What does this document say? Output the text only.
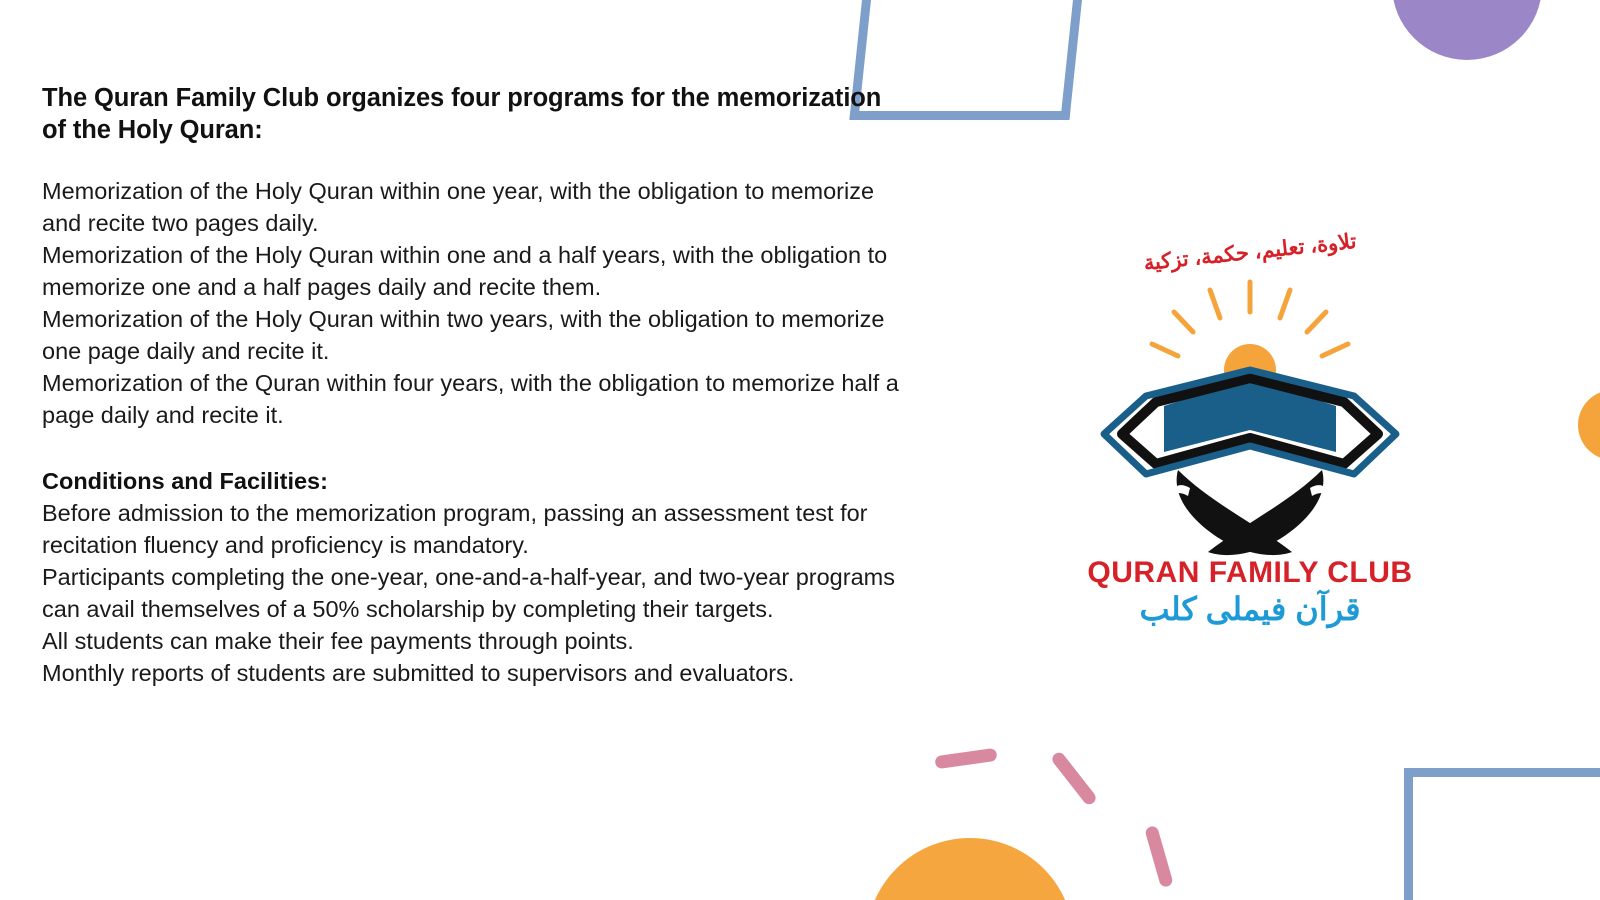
The Quran Family Club organizes four programs for the memorization of the Holy Quran:

Memorization of the Holy Quran within one year, with the obligation to memorize and recite two pages daily.

Memorization of the Holy Quran within one and a half years, with the obligation to memorize one and a half pages daily and recite them.

Memorization of the Holy Quran within two years, with the obligation to memorize one page daily and recite it.

Memorization of the Quran within four years, with the obligation to memorize half a page daily and recite it.

Conditions and Facilities:

Before admission to the memorization program, passing an assessment test for recitation fluency and proficiency is mandatory.

Participants completing the one-year, one-and-a-half-year, and two-year programs can avail themselves of a 50% scholarship by completing their targets.

All students can make their fee payments through points.

Monthly reports of students are submitted to supervisors and evaluators.

تلاوة، تعليم، حكمة، تزكية
QURAN FAMILY CLUB
قرآن فیملی کلب
